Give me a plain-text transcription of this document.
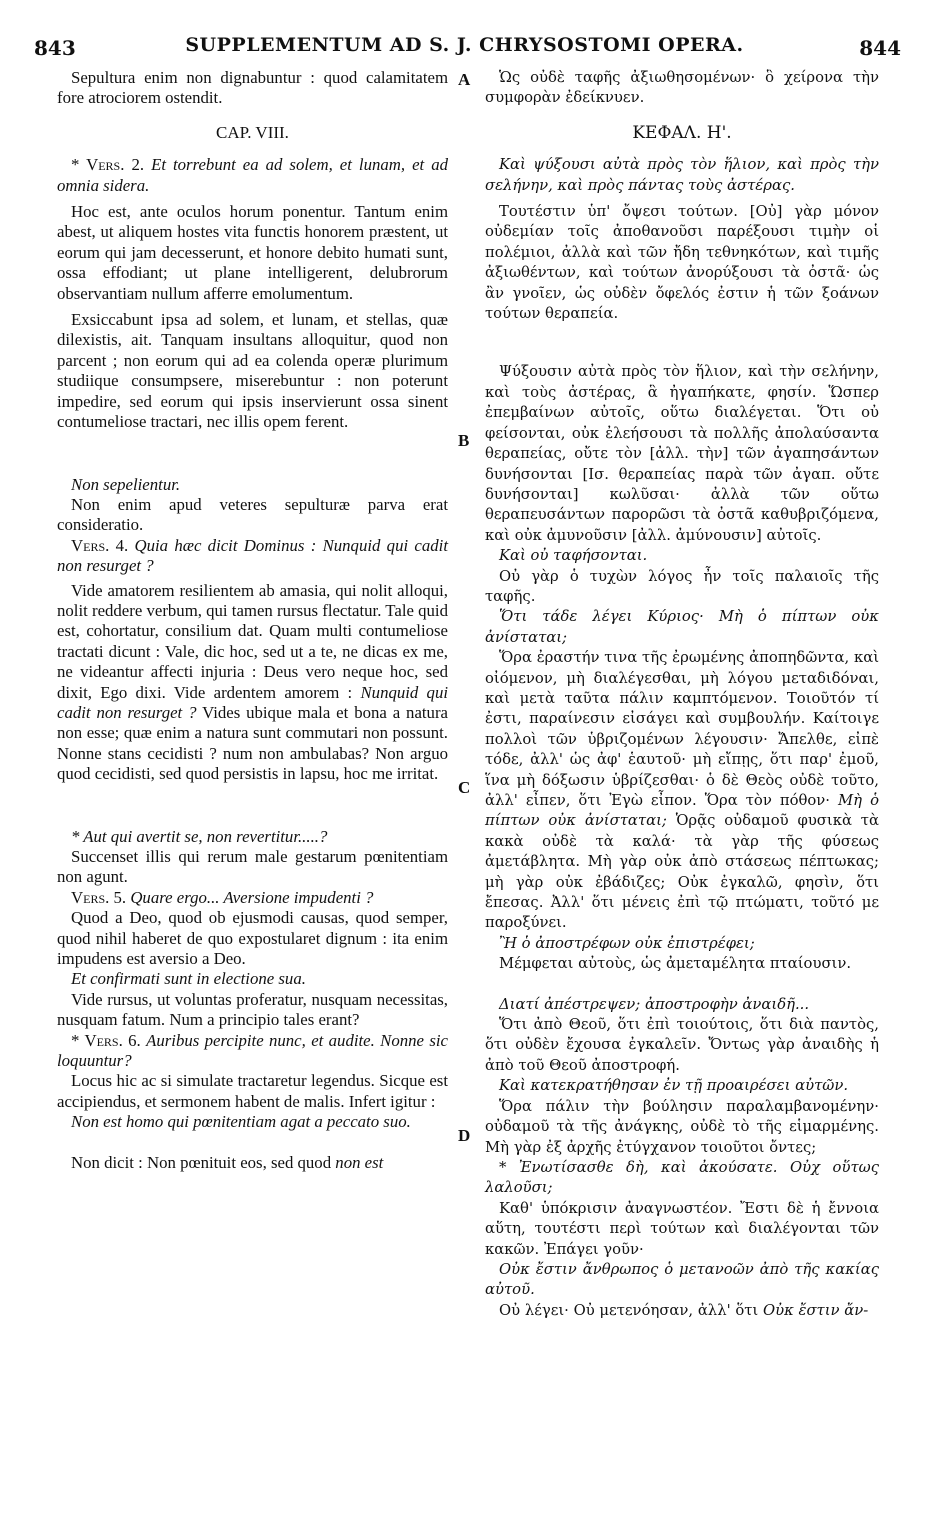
843	SUPPLEMENTUM AD S. J. CHRYSOSTOMI OPERA.	844
A
B
C
D

Sepultura enim non dignabuntur : quod calamitatem fore atrociorem ostendit.

CAP. VIII.

* Vers. 2. Et torrebunt ea ad solem, et lunam, et ad omnia sidera.

Hoc est, ante oculos horum ponentur. Tantum enim abest, ut aliquem hostes vita functis honorem præstent, ut eorum qui jam decesserunt, et honore debito humati sunt, ossa effodiant; ut plane intelligerent, delubrorum observantiam nullum afferre emolumentum.

Exsiccabunt ipsa ad solem, et lunam, et stellas, quæ dilexistis, ait. Tanquam insultans alloquitur, quod non parcent ; non eorum qui ad ea colenda operæ plurimum studiique consumpsere, miserebuntur : non poterunt impedire, sed eorum qui ipsis inservierunt ossa sinent contumeliose tractari, nec illis opem ferent.

Non sepelientur.

Non enim apud veteres sepulturæ parva erat consideratio.

Vers. 4. Quia hæc dicit Dominus : Nunquid qui cadit non resurget ?

Vide amatorem resilientem ab amasia, qui nolit alloqui, nolit reddere verbum, qui tamen rursus flectatur. Tale quid est, cohortatur, consilium dat. Quam multi contumeliose tractati dicunt : Vale, dic hoc, sed ut a te, ne dicas ex me, ne videantur affecti injuria : Deus vero neque hoc, sed dixit, Ego dixi. Vide ardentem amorem : Nunquid qui cadit non resurget ? Vides ubique mala et bona a natura non esse; quæ enim a natura sunt commutari non possunt. Nonne stans cecidisti ? num non ambulabas? Non arguo quod cecidisti, sed quod persistis in lapsu, hoc me irritat.

* Aut qui avertit se, non revertitur.....?

Succenset illis qui rerum male gestarum pœnitentiam non agunt.

Vers. 5. Quare ergo... Aversione impudenti ?

Quod a Deo, quod ob ejusmodi causas, quod semper, quod nihil haberet de quo expostularet dignum : ita enim impudens est aversio a Deo.

Et confirmati sunt in electione sua.

Vide rursus, ut voluntas proferatur, nusquam necessitas, nusquam fatum. Num a principio tales erant?

* Vers. 6. Auribus percipite nunc, et audite. Nonne sic loquuntur?

Locus hic ac si simulate tractaretur legendus. Sicque est accipiendus, et sermonem habent de malis. Infert igitur :

Non est homo qui pœnitentiam agat a peccato suo.

Non dicit : Non pœnituit eos, sed quod non est

Ὡς οὐδὲ ταφῆς ἀξιωθησομένων· ὃ χείρονα τὴν συμφορὰν ἐδείκνυεν.

ΚΕΦΑΛ. Η'.

Καὶ ψύξουσι αὐτὰ πρὸς τὸν ἥλιον, καὶ πρὸς τὴν σελήνην, καὶ πρὸς πάντας τοὺς ἀστέρας.

Τουτέστιν ὑπ' ὄψεσι τούτων. [Οὐ] γὰρ μόνον οὐδεμίαν τοῖς ἀποθανοῦσι παρέξουσι τιμὴν οἱ πολέμιοι, ἀλλὰ καὶ τῶν ἤδη τεθνηκότων, καὶ τιμῆς ἀξιωθέντων, καὶ τούτων ἀνορύξουσι τὰ ὀστᾶ· ὡς ἂν γνοῖεν, ὡς οὐδὲν ὄφελός ἐστιν ἡ τῶν ξοάνων τούτων θεραπεία.

Ψύξουσιν αὐτὰ πρὸς τὸν ἥλιον, καὶ τὴν σελήνην, καὶ τοὺς ἀστέρας, ἃ ἠγαπήκατε, φησίν. Ὥσπερ ἐπεμβαίνων αὐτοῖς, οὕτω διαλέγεται. Ὅτι οὐ φείσονται, οὐκ ἐλεήσουσι τὰ πολλῆς ἀπολαύσαντα θεραπείας, οὔτε τὸν [ἀλλ. τὴν] τῶν ἀγαπησάντων δυνήσονται [Ισ. θεραπείας παρὰ τῶν ἀγαπ. οὔτε δυνήσονται] κωλῦσαι· ἀλλὰ τῶν οὕτω θεραπευσάντων παρορῶσι τὰ ὀστᾶ καθυβριζόμενα, καὶ οὐκ ἀμυνοῦσιν [ἀλλ. ἀμύνουσιν] αὐτοῖς.

Καὶ οὐ ταφήσονται.

Οὐ γὰρ ὁ τυχὼν λόγος ἦν τοῖς παλαιοῖς τῆς ταφῆς.

Ὅτι τάδε λέγει Κύριος· Μὴ ὁ πίπτων οὐκ ἀνίσταται;

Ὅρα ἐραστήν τινα τῆς ἐρωμένης ἀποπηδῶντα, καὶ οἰόμενον, μὴ διαλέγεσθαι, μὴ λόγου μεταδιδόναι, καὶ μετὰ ταῦτα πάλιν καμπτόμενον. Τοιοῦτόν τί ἐστι, παραίνεσιν εἰσάγει καὶ συμβουλήν. Καίτοιγε πολλοὶ τῶν ὑβριζομένων λέγουσιν· Ἄπελθε, εἰπὲ τόδε, ἀλλ' ὡς ἀφ' ἑαυτοῦ· μὴ εἴπῃς, ὅτι παρ' ἐμοῦ, ἵνα μὴ δόξωσιν ὑβρίζεσθαι· ὁ δὲ Θεὸς οὐδὲ τοῦτο, ἀλλ' εἶπεν, ὅτι Ἐγὼ εἶπον. Ὅρα τὸν πόθον· Μὴ ὁ πίπτων οὐκ ἀνίσταται; Ὁρᾷς οὐδαμοῦ φυσικὰ τὰ κακὰ οὐδὲ τὰ καλά· τὰ γὰρ τῆς φύσεως ἀμετάβλητα. Μὴ γὰρ οὐκ ἀπὸ στάσεως πέπτωκας; μὴ γὰρ οὐκ ἐβάδιζες; Οὐκ ἐγκαλῶ, φησὶν, ὅτι ἔπεσας. Ἀλλ' ὅτι μένεις ἐπὶ τῷ πτώματι, τοῦτό με παροξύνει.

Ἢ ὁ ἀποστρέφων οὐκ ἐπιστρέφει;

Μέμφεται αὐτοὺς, ὡς ἀμεταμέλητα πταίουσιν.

Διατί ἀπέστρεψεν; ἀποστροφὴν ἀναιδῆ...

Ὅτι ἀπὸ Θεοῦ, ὅτι ἐπὶ τοιούτοις, ὅτι διὰ παντὸς, ὅτι οὐδὲν ἔχουσα ἐγκαλεῖν. Ὄντως γὰρ ἀναιδὴς ἡ ἀπὸ τοῦ Θεοῦ ἀποστροφή.

Καὶ κατεκρατήθησαν ἐν τῇ προαιρέσει αὐτῶν.

Ὅρα πάλιν τὴν βούλησιν παραλαμβανομένην· οὐδαμοῦ τὰ τῆς ἀνάγκης, οὐδὲ τὸ τῆς εἱμαρμένης. Μὴ γὰρ ἐξ ἀρχῆς ἐτύγχανον τοιοῦτοι ὄντες;

* Ἐνωτίσασθε δὴ, καὶ ἀκούσατε. Οὐχ οὕτως λαλοῦσι;

Καθ' ὑπόκρισιν ἀναγνωστέον. Ἔστι δὲ ἡ ἔννοια αὕτη, τουτέστι περὶ τούτων καὶ διαλέγονται τῶν κακῶν. Ἐπάγει γοῦν·

Οὐκ ἔστιν ἄνθρωπος ὁ μετανοῶν ἀπὸ τῆς κακίας αὐτοῦ.

Οὐ λέγει· Οὐ μετενόησαν, ἀλλ' ὅτι Οὐκ ἔστιν ἄν-
